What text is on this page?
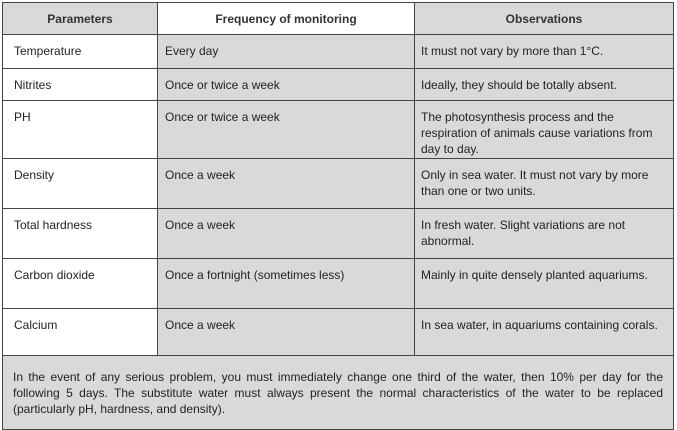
Parameters	Frequency of monitoring	Observations
Temperature	Every day	It must not vary by more than 1°C.
Nitrites	Once or twice a week	Ideally, they should be totally absent.
PH	Once or twice a week	The photosynthesis process and the respiration of animals cause variations from day to day.
Density	Once a week	Only in sea water. It must not vary by more than one or two units.
Total hardness	Once a week	In fresh water. Slight variations are not abnormal.
Carbon dioxide	Once a fortnight (sometimes less)	Mainly in quite densely planted aquariums.
Calcium	Once a week	In sea water, in aquariums containing corals.
In the event of any serious problem, you must immediately change one third of the water, then 10% per day for the following 5 days. The substitute water must always present the normal characteristics of the water to be replaced (particularly pH, hardness, and density).		
